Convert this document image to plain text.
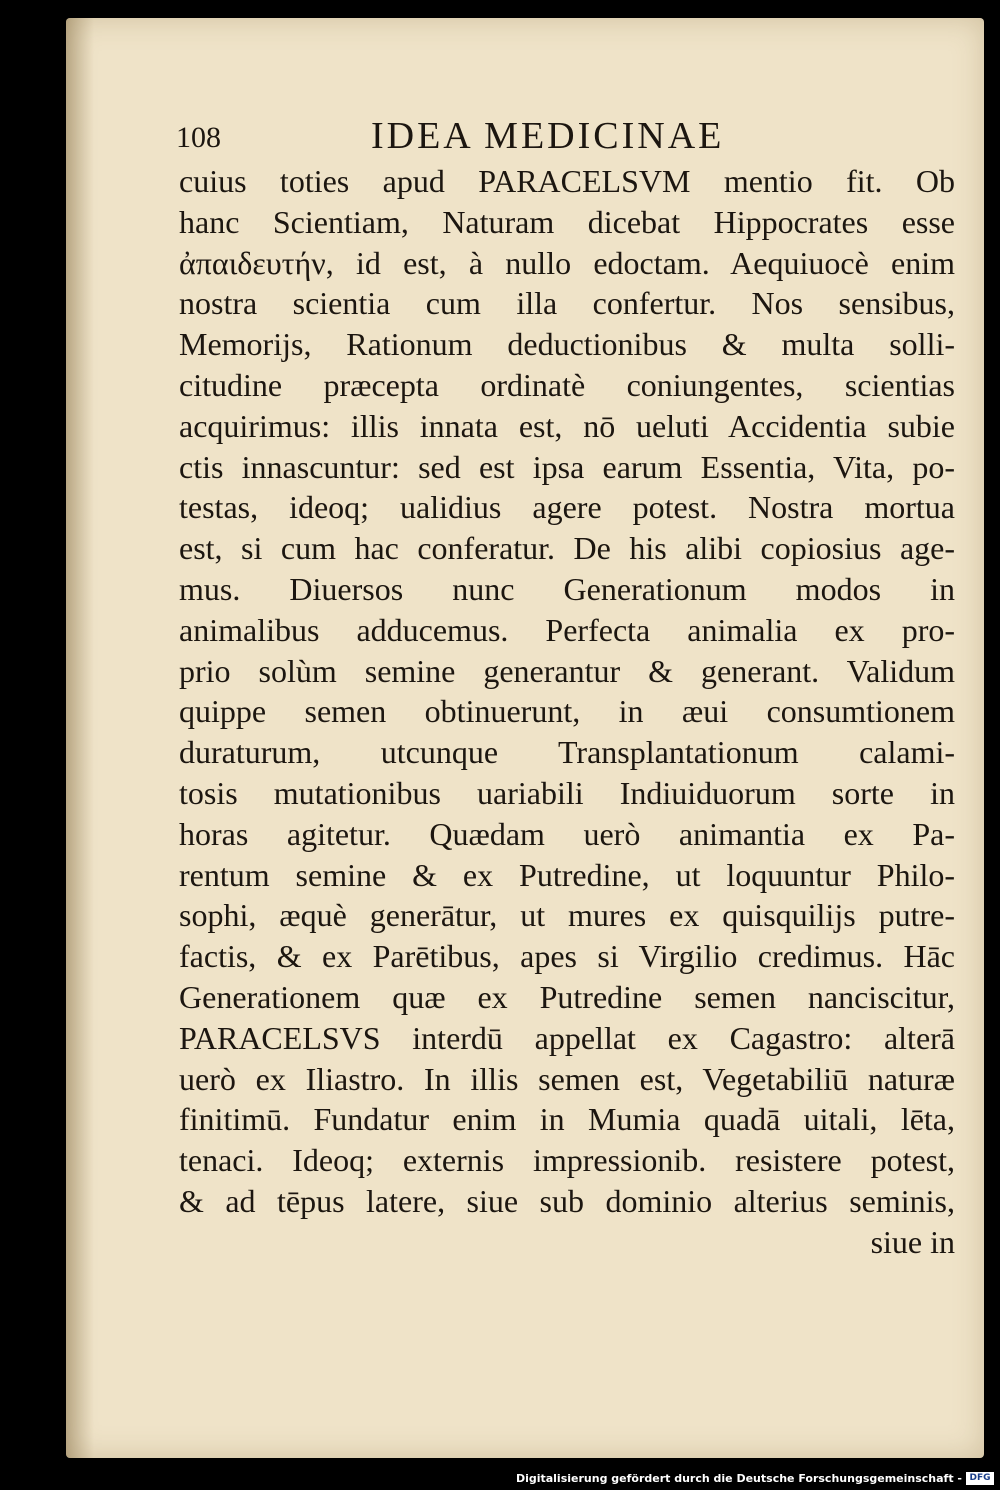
108	IDEA MEDICINAE
cuius toties apud PARACELSVM mentio fit. Ob
hanc Scientiam, Naturam dicebat Hippocrates esse
ἀπαιδευτήν, id est, à nullo edoctam. Aequiuocè enim
nostra scientia cum illa confertur. Nos sensibus,
Memorijs, Rationum deductionibus & multa solli-
citudine præcepta ordinatè coniungentes, scientias
acquirimus: illis innata est, nō ueluti Accidentia subie
ctis innascuntur: sed est ipsa earum Essentia, Vita, po-
testas, ideoq; ualidius agere potest. Nostra mortua
est, si cum hac conferatur. De his alibi copiosius age-
mus. Diuersos nunc Generationum modos in
animalibus adducemus. Perfecta animalia ex pro-
prio solùm semine generantur & generant. Validum
quippe semen obtinuerunt, in æui consumtionem
duraturum, utcunque Transplantationum calami-
tosis mutationibus uariabili Indiuiduorum sorte in
horas agitetur. Quædam uerò animantia ex Pa-
rentum semine & ex Putredine, ut loquuntur Philo-
sophi, æquè generātur, ut mures ex quisquilijs putre-
factis, & ex Parētibus, apes si Virgilio credimus. Hāc
Generationem quæ ex Putredine semen nanciscitur,
PARACELSVS interdū appellat ex Cagastro: alterā
uerò ex Iliastro. In illis semen est, Vegetabiliū naturæ
finitimū. Fundatur enim in Mumia quadā uitali, lēta,
tenaci. Ideoq; externis impressionib. resistere potest,
& ad tēpus latere, siue sub dominio alterius seminis,
siue in
Digitalisierung gefördert durch die Deutsche Forschungsgemeinschaft - DFG
